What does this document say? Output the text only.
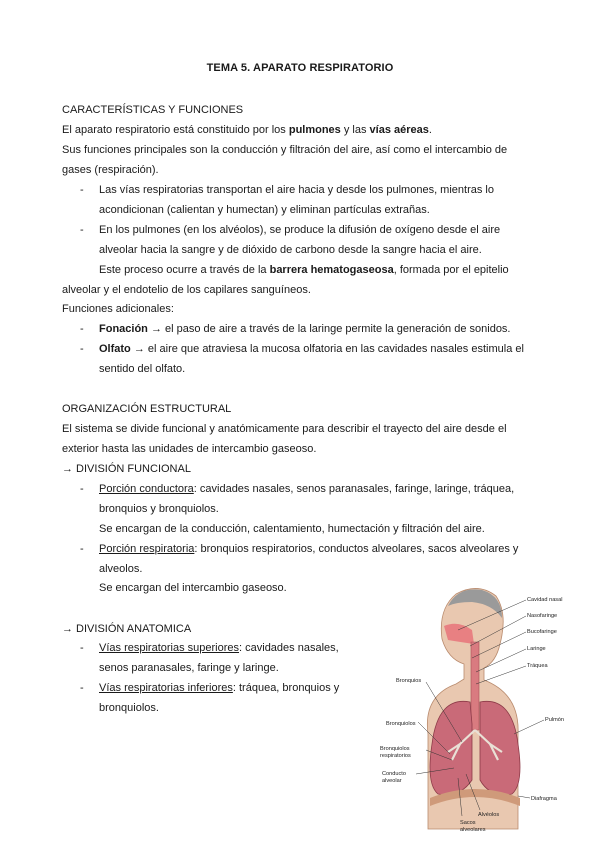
TEMA 5. APARATO RESPIRATORIO
CARACTERÍSTICAS Y FUNCIONES
El aparato respiratorio está constituido por los pulmones y las vías aéreas.
Sus funciones principales son la conducción y filtración del aire, así como el intercambio de
gases (respiración).
- Las vías respiratorias transportan el aire hacia y desde los pulmones, mientras lo
acondicionan (calientan y humectan) y eliminan partículas extrañas.
- En los pulmones (en los alvéolos), se produce la difusión de oxígeno desde el aire
alveolar hacia la sangre y de dióxido de carbono desde la sangre hacia el aire.
Este proceso ocurre a través de la barrera hematogaseosa, formada por el epitelio
alveolar y el endotelio de los capilares sanguíneos.
Funciones adicionales:
- Fonación → el paso de aire a través de la laringe permite la generación de sonidos.
- Olfato → el aire que atraviesa la mucosa olfatoria en las cavidades nasales estimula el
sentido del olfato.
ORGANIZACIÓN ESTRUCTURAL
El sistema se divide funcional y anatómicamente para describir el trayecto del aire desde el
exterior hasta las unidades de intercambio gaseoso.
→ DIVISIÓN FUNCIONAL
- Porción conductora: cavidades nasales, senos paranasales, faringe, laringe, tráquea,
bronquios y bronquiolos.
Se encargan de la conducción, calentamiento, humectación y filtración del aire.
- Porción respiratoria: bronquios respiratorios, conductos alveolares, sacos alveolares y
alveolos.
Se encargan del intercambio gaseoso.
→ DIVISIÓN ANATOMICA
- Vías respiratorias superiores: cavidades nasales,
senos paranasales, faringe y laringe.
- Vías respiratorias inferiores: tráquea, bronquios y
bronquiolos.
Cavidad nasal
Nasofaringe
Bucofaringe
Laringe
Tráquea
Bronquios
Pulmón
Bronquiolos
Bronquiolos
respiratorios
Conducto
alveolar
Alvéolos
Diafragma
Sacos
alveolares
